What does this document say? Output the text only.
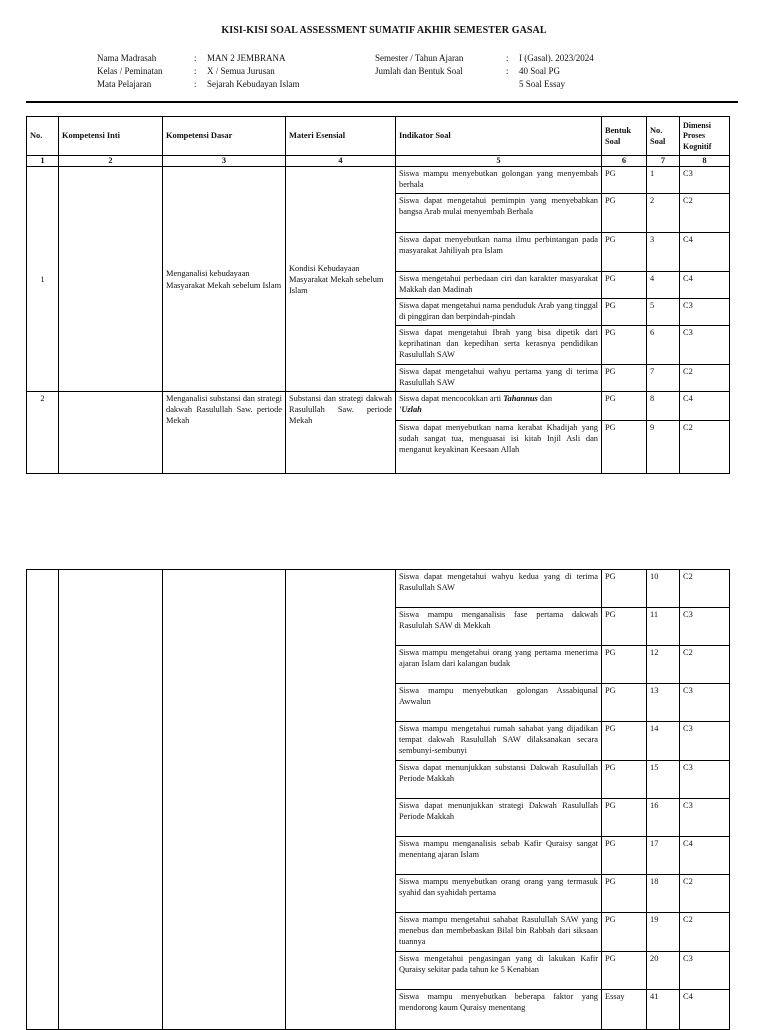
KISI-KISI SOAL ASSESSMENT SUMATIF AKHIR SEMESTER GASAL
Nama Madrasah	:	MAN 2 JEMBRANA
Kelas / Peminatan	:	X / Semua Jurusan
Mata Pelajaran	:	Sejarah Kebudayan Islam
Semester / Tahun Ajaran	:	I (Gasal). 2023/2024
Jumlah dan Bentuk Soal	:	40 Soal PG
5 Soal Essay
No.	Kompetensi Inti	Kompetensi Dasar	Materi Esensial	Indikator Soal	Bentuk Soal	No. Soal	Dimensi Proses Kognitif
1	2	3	4	5	6	7	8
1		Menganalisi kebudayaan Masyarakat Mekah sebelum Islam	Kondisi Kebudayaan Masyarakat Mekah sebelum Islam	Siswa mampu menyebutkan golongan yang menyembah berhala	PG	1	C3
				Siswa dapat mengetahui pemimpin yang menyebabkan bangsa Arab mulai menyembah Berhala	PG	2	C2
				Siswa dapat menyebutkan nama ilmu perbintangan pada masyarakat Jahiliyah pra Islam	PG	3	C4
				Siswa mengetahui perbedaan ciri dan karakter masyarakat Makkah dan Madinah	PG	4	C4
				Siswa dapat mengetahui nama penduduk Arab yang tinggal di pinggiran dan berpindah-pindah	PG	5	C3
				Siswa dapat mengetahui Ibrah yang bisa dipetik dari keprihatinan dan kepedihan serta kerasnya pendidikan Rasulullah SAW	PG	6	C3
				Siswa dapat mengetahui wahyu pertama yang di terima Rasulullah SAW	PG	7	C2
2		Menganalisi substansi dan strategi dakwah Rasulullah Saw. periode Mekah	Substansi dan strategi dakwah Rasulullah Saw. periode Mekah	Siswa dapat mencocokkan arti Tahannus dan
'Uzlah	PG	8	C4
				Siswa dapat menyebutkan nama kerabat Khadijah yang sudah sangat tua, menguasai isi kitab Injil Asli dan menganut keyakinan Keesaan Allah	PG	9	C2
				Siswa dapat mengetahui wahyu kedua yang di terima Rasulullah SAW	PG	10	C2
				Siswa mampu menganalisis fase pertama dakwah Rasululah SAW di Mekkah	PG	11	C3
				Siswa mampu mengetahui orang yang pertama menerima ajaran Islam dari kalangan budak	PG	12	C2
				Siswa mampu menyebutkan golongan Assabiqunal Awwalun	PG	13	C3
				Siswa mampu mengetahui rumah sahabat yang dijadikan tempat dakwah Rasulullah SAW dilaksanakan secara sembunyi-sembunyi	PG	14	C3
				Siswa dapat menunjukkan substansi Dakwah Rasulullah Periode Makkah	PG	15	C3
				Siswa dapat menunjukkan strategi Dakwah Rasulullah Periode Makkah	PG	16	C3
				Siswa mampu menganalisis sebab Kafir Quraisy sangat menentang ajaran Islam	PG	17	C4
				Siswa mampu menyebutkan orang orang yang termasuk syahid dan syahidah pertama	PG	18	C2
				Siswa mampu mengetahui sahabat Rasulullah SAW yang menebus dan membebaskan Bilal bin Rabbah dari siksaan tuannya	PG	19	C2
				Siswa mengetahui pengasingan yang di lakukan Kafir Quraisy sekitar pada tahun ke 5 Kenabian	PG	20	C3
				Siswa mampu menyebutkan beberapa faktor yang mendorong kaum Quraisy menentang	Essay	41	C4
